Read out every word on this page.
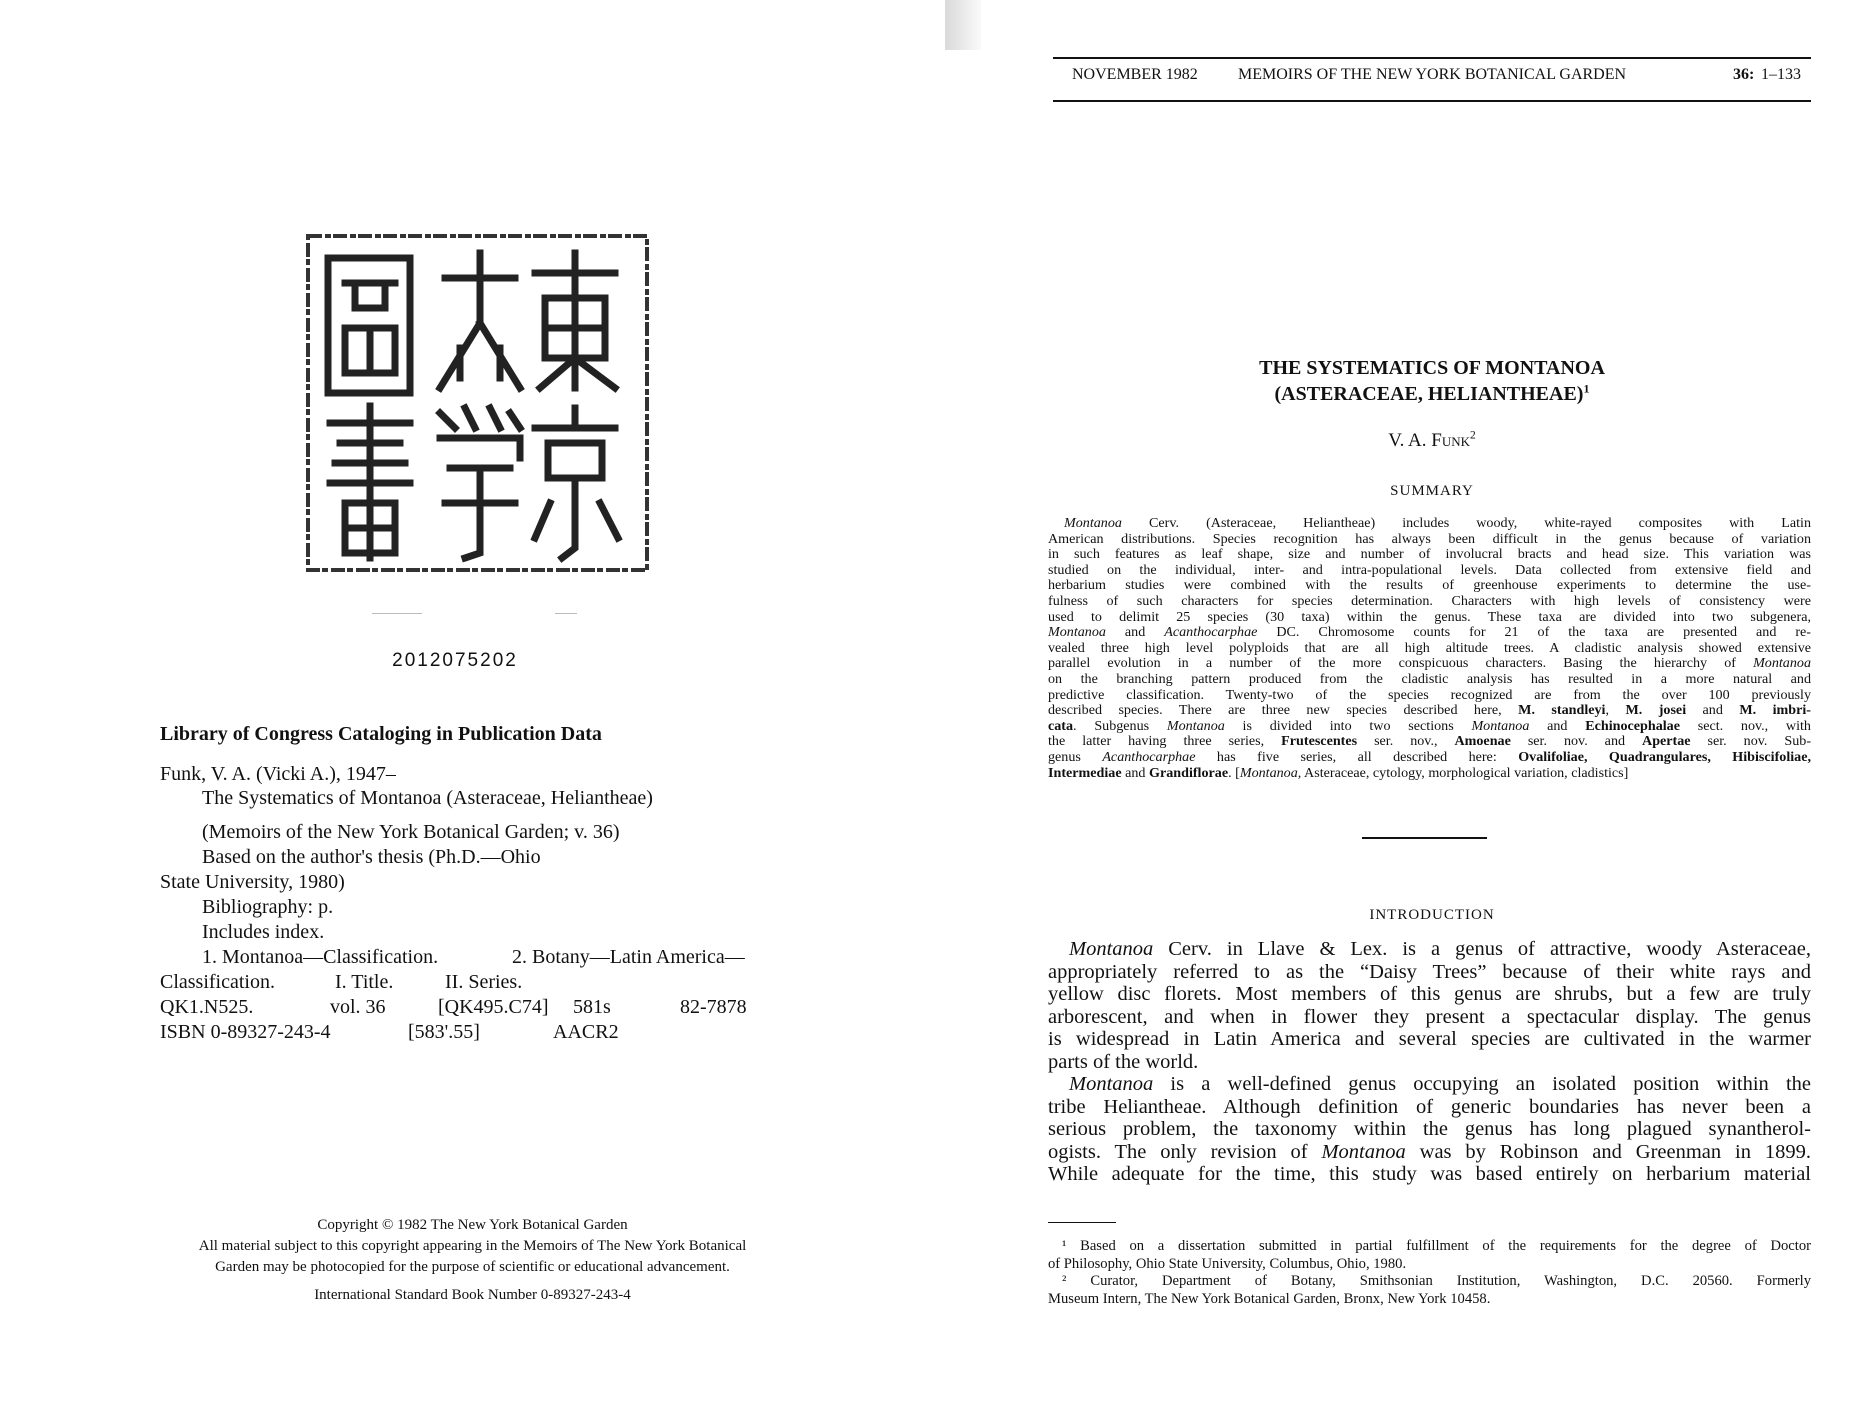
2012075202
Library of Congress Cataloging in Publication Data
Funk, V. A. (Vicki A.), 1947–
The Systematics of Montanoa (Asteraceae, Heliantheae)
(Memoirs of the New York Botanical Garden; v. 36)
Based on the author's thesis (Ph.D.—Ohio
State University, 1980)
Bibliography: p.
Includes index.
1. Montanoa—Classification.	2. Botany—Latin America—
Classification.	I. Title.	II. Series.
QK1.N525.	vol. 36	[QK495.C74] 581s	82-7878
ISBN 0-89327-243-4	[583'.55]	AACR2
Copyright © 1982 The New York Botanical Garden
All material subject to this copyright appearing in the Memoirs of The New York Botanical
Garden may be photocopied for the purpose of scientific or educational advancement.
International Standard Book Number 0-89327-243-4
NOVEMBER 1982	MEMOIRS OF THE NEW YORK BOTANICAL GARDEN	36: 1–133
THE SYSTEMATICS OF MONTANOA
(ASTERACEAE, HELIANTHEAE)$^1$
V. A. Funk$^2$
SUMMARY
Montanoa Cerv. (Asteraceae, Heliantheae) includes woody, white-rayed composites with Latin
American distributions. Species recognition has always been difficult in the genus because of variation
in such features as leaf shape, size and number of involucral bracts and head size. This variation was
studied on the individual, inter- and intra-populational levels. Data collected from extensive field and
herbarium studies were combined with the results of greenhouse experiments to determine the use-
fulness of such characters for species determination. Characters with high levels of consistency were
used to delimit 25 species (30 taxa) within the genus. These taxa are divided into two subgenera,
Montanoa and Acanthocarphae DC. Chromosome counts for 21 of the taxa are presented and re-
vealed three high level polyploids that are all high altitude trees. A cladistic analysis showed extensive
parallel evolution in a number of the more conspicuous characters. Basing the hierarchy of Montanoa
on the branching pattern produced from the cladistic analysis has resulted in a more natural and
predictive classification. Twenty-two of the species recognized are from the over 100 previously
described species. There are three new species described here, M. standleyi, M. josei and M. imbri-
cata. Subgenus Montanoa is divided into two sections Montanoa and Echinocephalae sect. nov., with
the latter having three series, Frutescentes ser. nov., Amoenae ser. nov. and Apertae ser. nov. Sub-
genus Acanthocarphae has five series, all described here: Ovalifoliae, Quadrangulares, Hibiscifoliae,
Intermediae and Grandiflorae. [Montanoa, Asteraceae, cytology, morphological variation, cladistics]
INTRODUCTION
Montanoa Cerv. in Llave & Lex. is a genus of attractive, woody Asteraceae,
appropriately referred to as the “Daisy Trees” because of their white rays and
yellow disc florets. Most members of this genus are shrubs, but a few are truly
arborescent, and when in flower they present a spectacular display. The genus
is widespread in Latin America and several species are cultivated in the warmer
parts of the world.
Montanoa is a well-defined genus occupying an isolated position within the
tribe Heliantheae. Although definition of generic boundaries has never been a
serious problem, the taxonomy within the genus has long plagued synantherol-
ogists. The only revision of Montanoa was by Robinson and Greenman in 1899.
While adequate for the time, this study was based entirely on herbarium material
¹ Based on a dissertation submitted in partial fulfillment of the requirements for the degree of Doctor
of Philosophy, Ohio State University, Columbus, Ohio, 1980.
² Curator, Department of Botany, Smithsonian Institution, Washington, D.C. 20560. Formerly
Museum Intern, The New York Botanical Garden, Bronx, New York 10458.
